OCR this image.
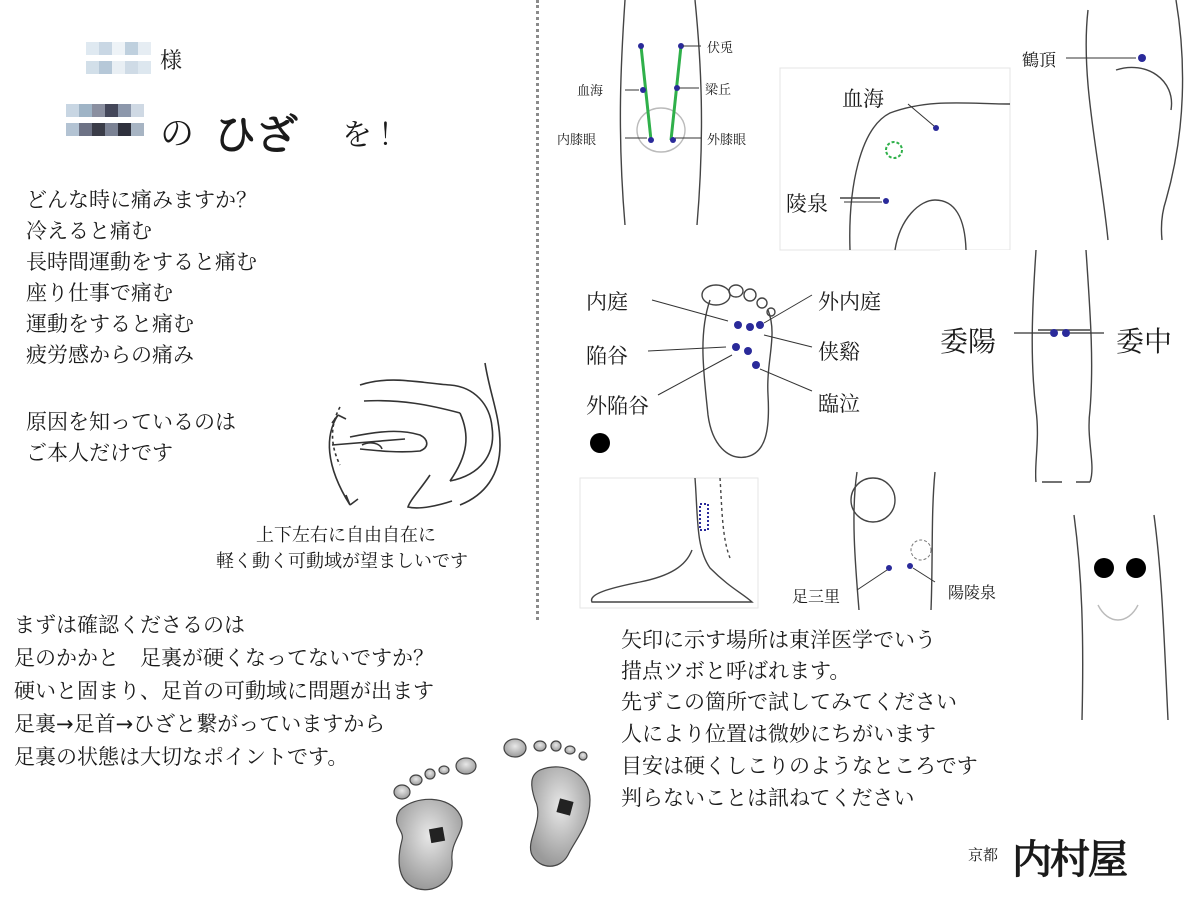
様

の ひざ を！
どんな時に痛みますか？
冷えると痛む
長時間運動をすると痛む
座り仕事で痛む
運動をすると痛む
疲労感からの痛み
原因を知っているのは
ご本人だけです
上下左右に自由自在に
軽く動く可動域が望ましいです
まずは確認くださるのは
足のかかと　足裏が硬くなってないですか？
硬いと固まり、足首の可動域に問題が出ます
足裏→足首→ひざと繋がっていますから
足裏の状態は大切なポイントです。
伏兎
血海	梁丘
内膝眼	外膝眼
血海
陵泉
鶴頂
内庭	外内庭
陥谷	侠谿
外陥谷	臨泣
委陽	委中
足三里	陽陵泉
矢印に示す場所は東洋医学でいう
措点ツボと呼ばれます。
先ずこの箇所で試してみてください
人により位置は微妙にちがいます
目安は硬くしこりのようなところです
判らないことは訊ねてください
京都 内村屋
